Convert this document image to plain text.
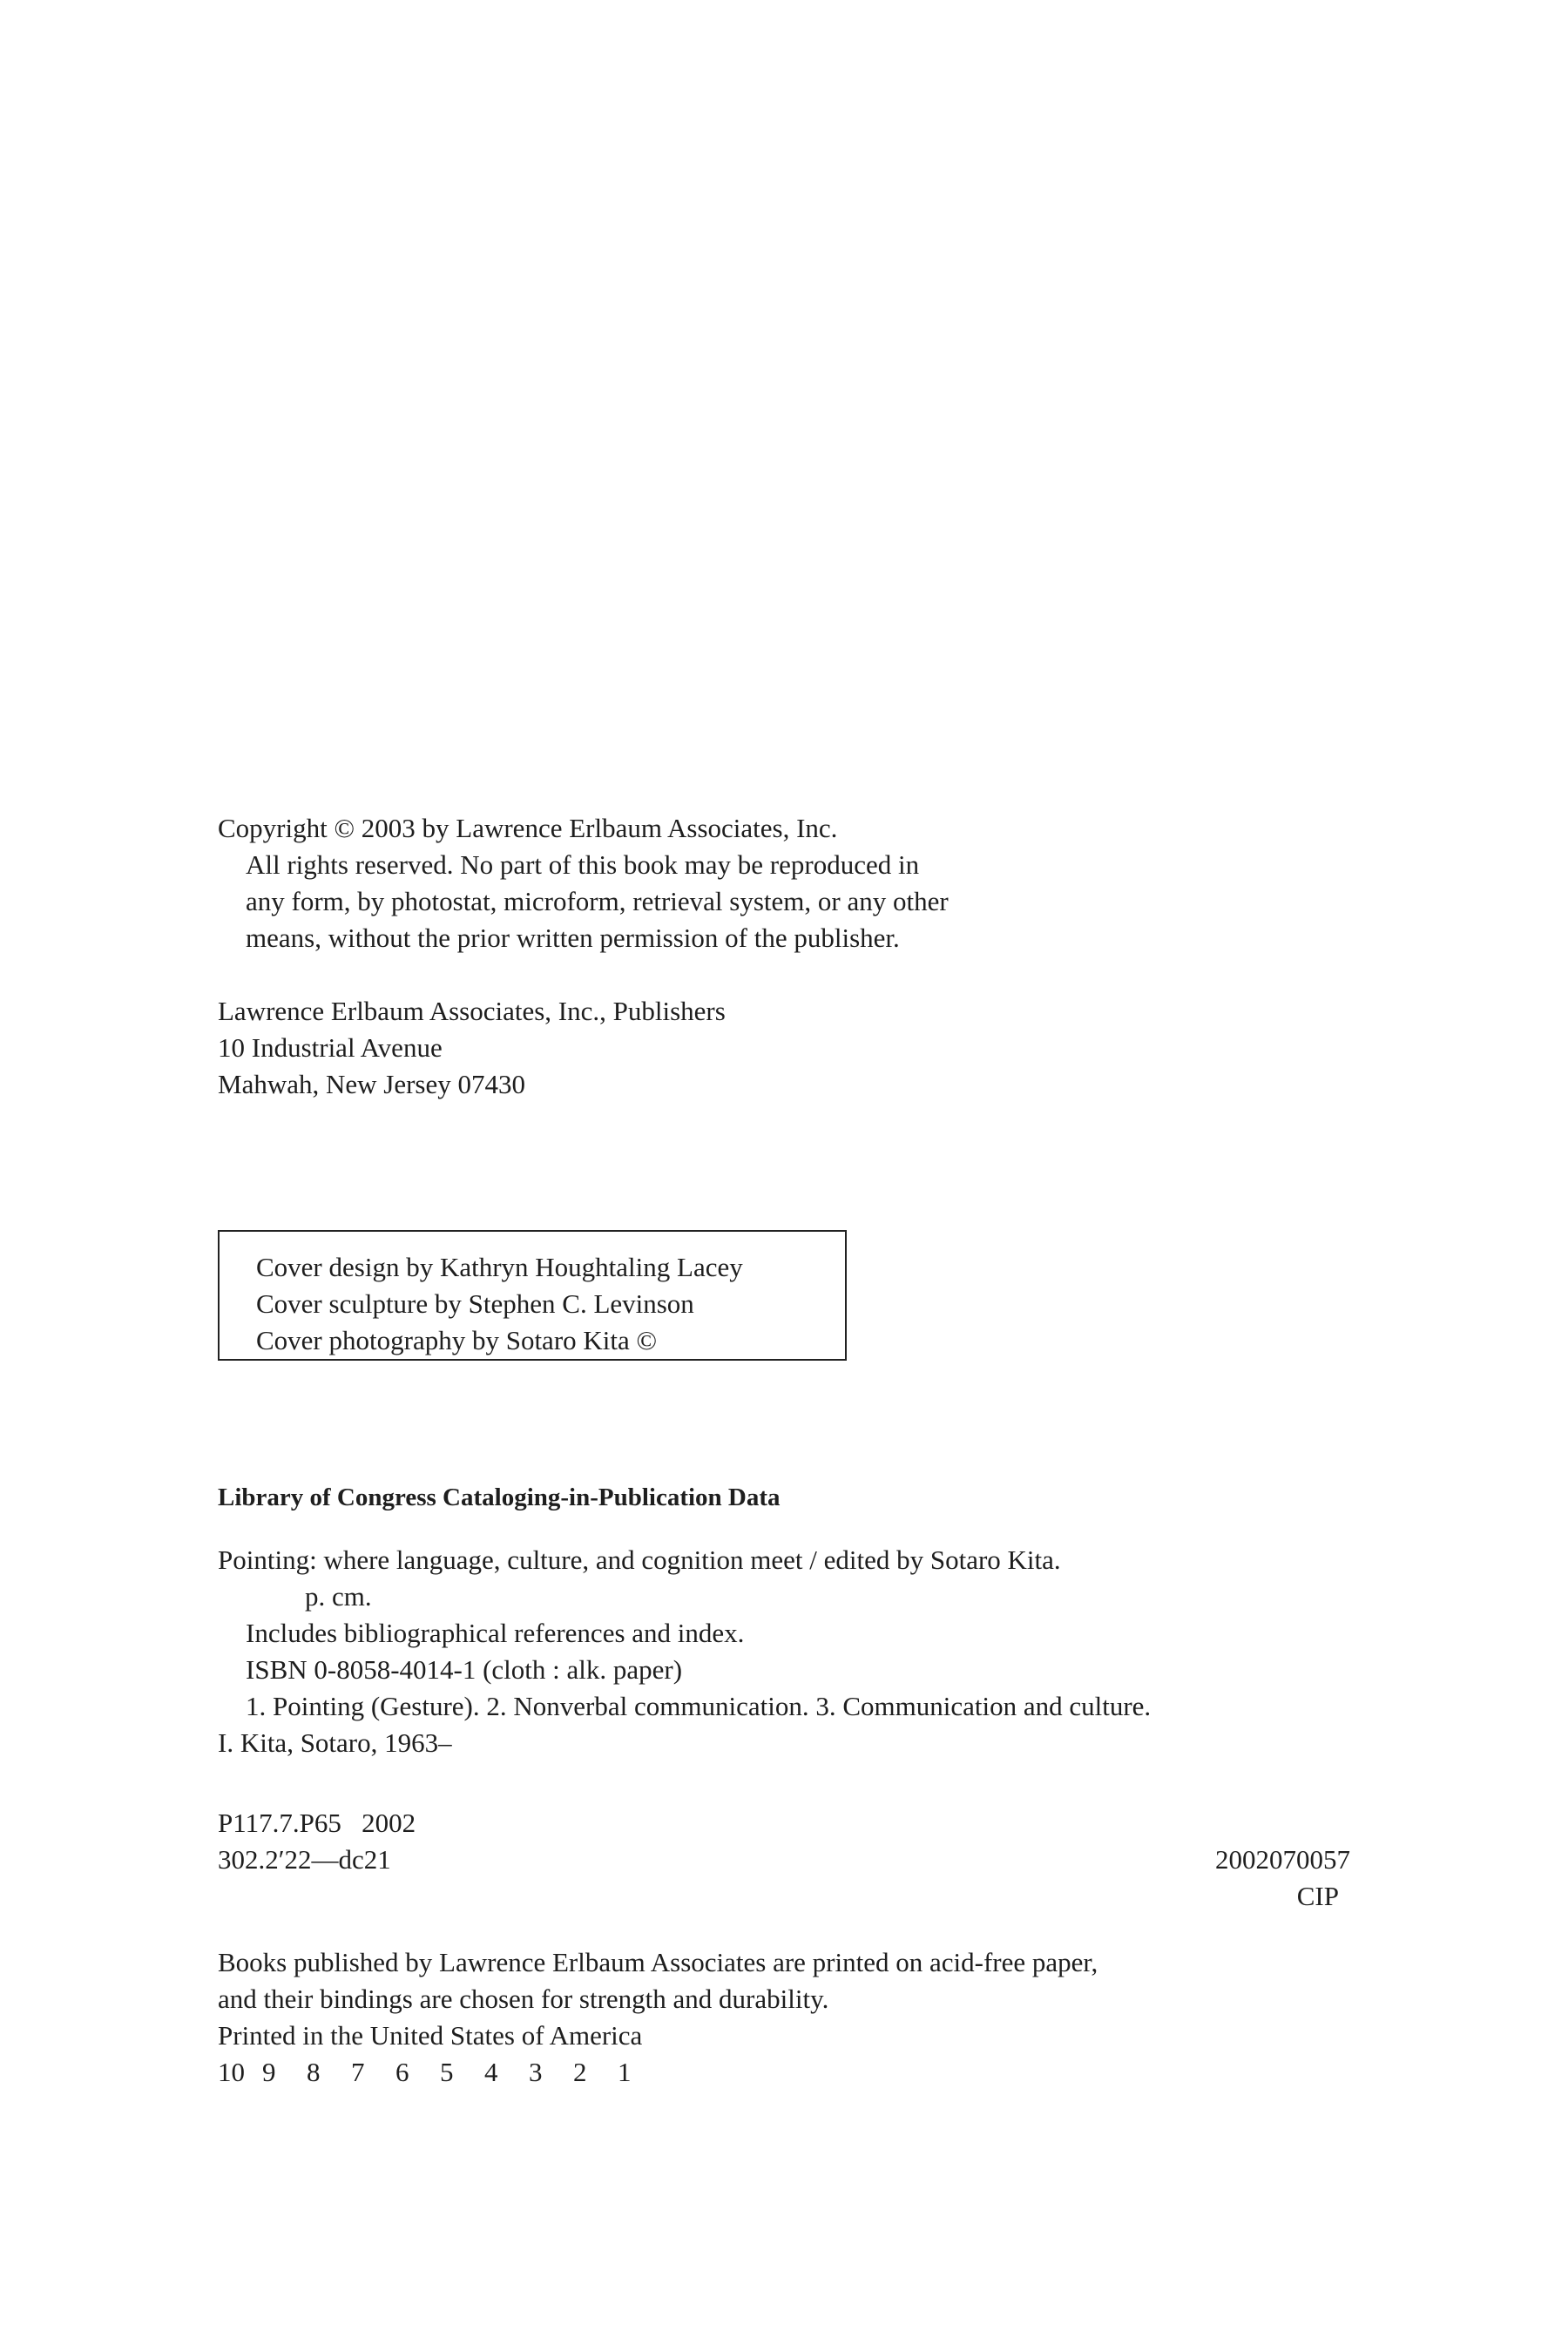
Copyright © 2003 by Lawrence Erlbaum Associates, Inc.
All rights reserved. No part of this book may be reproduced in
any form, by photostat, microform, retrieval system, or any other
means, without the prior written permission of the publisher.
Lawrence Erlbaum Associates, Inc., Publishers
10 Industrial Avenue
Mahwah, New Jersey 07430
Cover design by Kathryn Houghtaling Lacey
Cover sculpture by Stephen C. Levinson
Cover photography by Sotaro Kita ©
Library of Congress Cataloging-in-Publication Data
Pointing: where language, culture, and cognition meet / edited by Sotaro Kita.
p. cm.
Includes bibliographical references and index.
ISBN 0-8058-4014-1 (cloth : alk. paper)
1. Pointing (Gesture). 2. Nonverbal communication. 3. Communication and culture.
I. Kita, Sotaro, 1963–
P117.7.P65   2002
302.2′22—dc21	2002070057
CIP
Books published by Lawrence Erlbaum Associates are printed on acid-free paper,
and their bindings are chosen for strength and durability.
Printed in the United States of America
10 9 8 7 6 5 4 3 2 1
